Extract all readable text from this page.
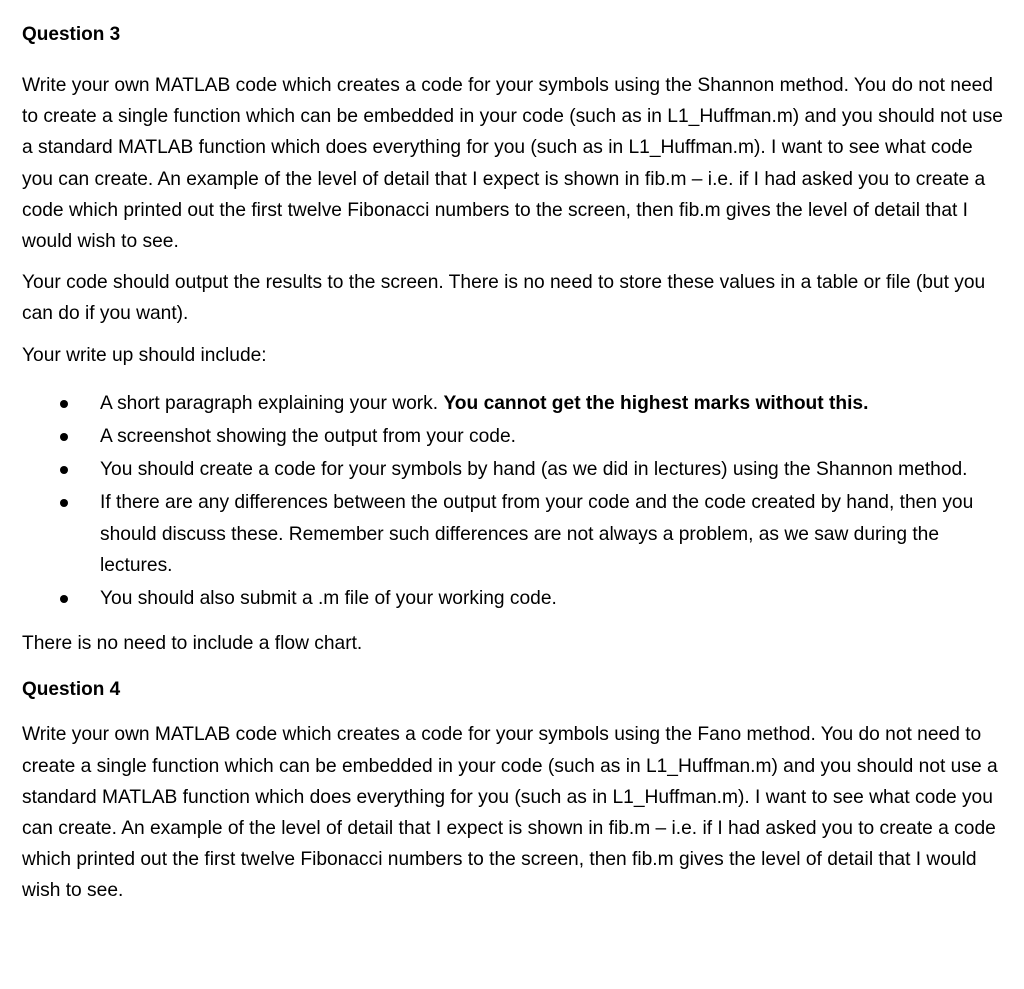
Question 3

Write your own MATLAB code which creates a code for your symbols using the Shannon method. You do not need to create a single function which can be embedded in your code (such as in L1_Huffman.m) and you should not use a standard MATLAB function which does everything for you (such as in L1_Huffman.m). I want to see what code you can create. An example of the level of detail that I expect is shown in fib.m – i.e. if I had asked you to create a code which printed out the first twelve Fibonacci numbers to the screen, then fib.m gives the level of detail that I would wish to see.

Your code should output the results to the screen. There is no need to store these values in a table or file (but you can do if you want).

Your write up should include:

A short paragraph explaining your work. You cannot get the highest marks without this.
A screenshot showing the output from your code.
You should create a code for your symbols by hand (as we did in lectures) using the Shannon method.
If there are any differences between the output from your code and the code created by hand, then you should discuss these. Remember such differences are not always a problem, as we saw during the lectures.
You should also submit a .m file of your working code.

There is no need to include a flow chart.

Question 4

Write your own MATLAB code which creates a code for your symbols using the Fano method. You do not need to create a single function which can be embedded in your code (such as in L1_Huffman.m) and you should not use a standard MATLAB function which does everything for you (such as in L1_Huffman.m). I want to see what code you can create. An example of the level of detail that I expect is shown in fib.m – i.e. if I had asked you to create a code which printed out the first twelve Fibonacci numbers to the screen, then fib.m gives the level of detail that I would wish to see.
